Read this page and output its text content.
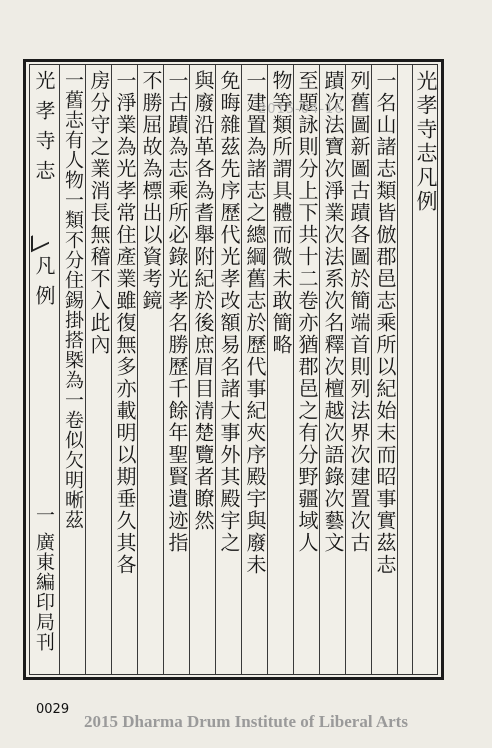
光孝寺志凡例
一名山諸志類皆倣郡邑志乘所以紀始末而昭事實茲志
列舊圖新圖古蹟各圖於簡端首則列法界次建置次古
蹟次法寶次淨業次法系次名釋次檀越次語錄次藝文
至題詠則分上下共十二卷亦猶郡邑之有分野疆域人
物等類所謂具體而微未敢簡略
一建置為諸志之總綱舊志於歷代事紀夾序殿宇與廢未
免晦雜茲先序歷代光孝改額易名諸大事外其殿宇之
與廢沿革各為耆舉附紀於後庶眉目清楚覽者瞭然
一古蹟為志乘所必錄光孝名勝歷千餘年聖賢遺迹指
不勝屈故為標出以資考鏡
一淨業為光孝常住產業雖復無多亦載明以期垂久其各
房分守之業消長無稽不入此內
一舊志有人物一類不分住錫掛搭槩為一卷似欠明晰茲
光孝寺志
凡例
一
廣東編印局刊
2015-04-16
0029
2015 Dharma Drum Institute of Liberal Arts
